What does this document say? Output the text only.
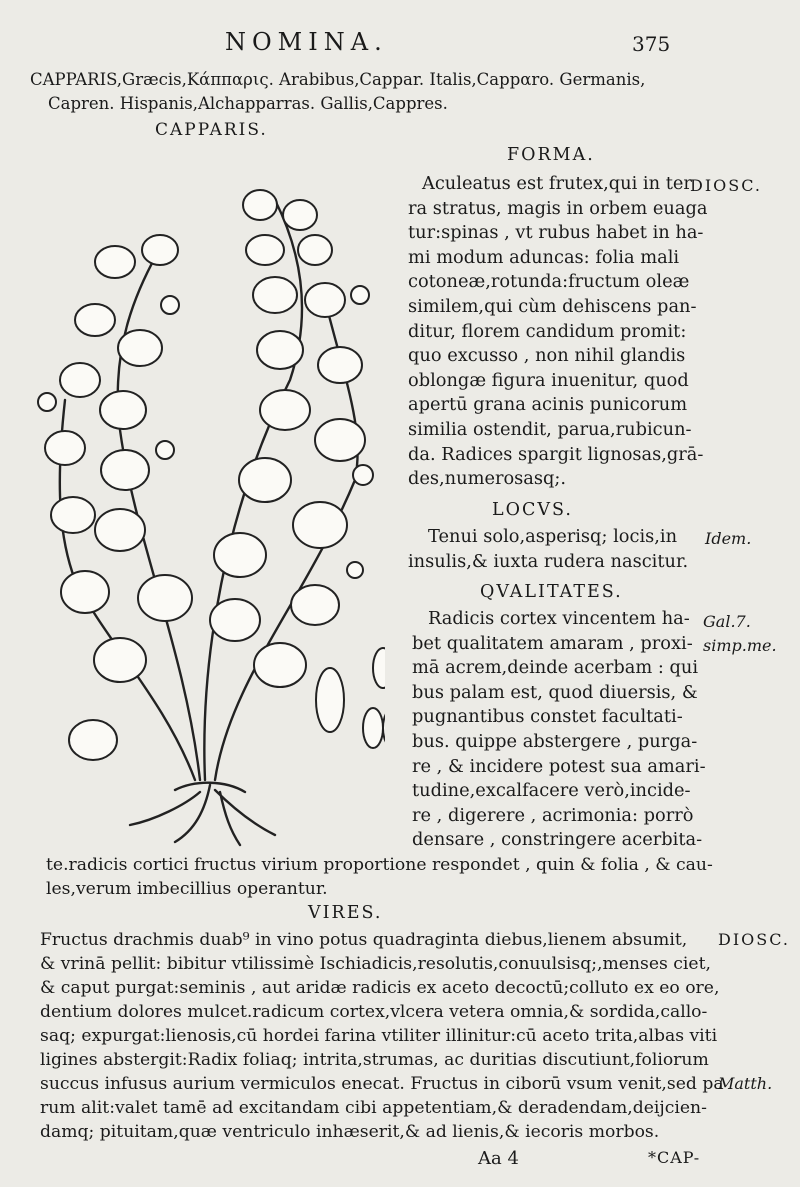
NOMINA.	375
CAPPARIS,Græcis,Κάππαρις. Arabibus,Cappar. Italis,Cappαro. Germanis,
Capren. Hispanis,Alchapparras. Gallis,Cappres.
CAPPARIS.
FORMA.
Aculeatus est frutex,qui in ter
ra stratus, magis in orbem euaga
tur:spinas , vt rubus habet in ha-
mi modum aduncas: folia mali
cotoneæ,rotunda:fructum oleæ
similem,qui cùm dehiscens pan-
ditur, florem candidum promit:
quo excusso , non nihil glandis
oblongæ figura inuenitur, quod
apertū grana acinis punicorum
similia ostendit, parua,rubicun-
da. Radices spargit lignosas,grā-
des,numerosasq;.
DIOSC.
LOCVS.
Tenui solo,asperisq; locis,in
insulis,& iuxta rudera nascitur.
Idem.
QVALITATES.
Radicis cortex vincentem ha-
bet qualitatem amaram , proxi-
mā acrem,deinde acerbam : qui
bus palam est, quod diuersis, &
pugnantibus constet facultati-
bus. quippe abstergere , purga-
re , & incidere potest sua amari-
tudine,excalfacere verò,incide-
re , digerere , acrimonia: porrò
densare , constringere acerbita-
Gal.7.
simp.me.
te.radicis cortici fructus virium proportione respondet , quin & folia , & cau-
les,verum imbecillius operantur.
VIRES.
Fructus drachmis duab⁹ in vino potus quadraginta diebus,lienem absumit,
& vrinā pellit: bibitur vtilissimè Ischiadicis,resolutis,conuulsisq;,menses ciet,
& caput purgat:seminis , aut aridæ radicis ex aceto decoctū;colluto ex eo ore,
dentium dolores mulcet.radicum cortex,vlcera vetera omnia,& sordida,callo-
saq; expurgat:lienosis,cū hordei farina vtiliter illinitur:cū aceto trita,albas viti
ligines abstergit:Radix foliaq; intrita,strumas, ac duritias discutiunt,foliorum
succus infusus aurium vermiculos enecat. Fructus in ciborū vsum venit,sed pa
rum alit:valet tamē ad excitandam cibi appetentiam,& deradendam,deijcien-
damq; pituitam,quæ ventriculo inhæserit,& ad lienis,& iecoris morbos.
DIOSC.
Matth.
Aa 4	*CAP-
